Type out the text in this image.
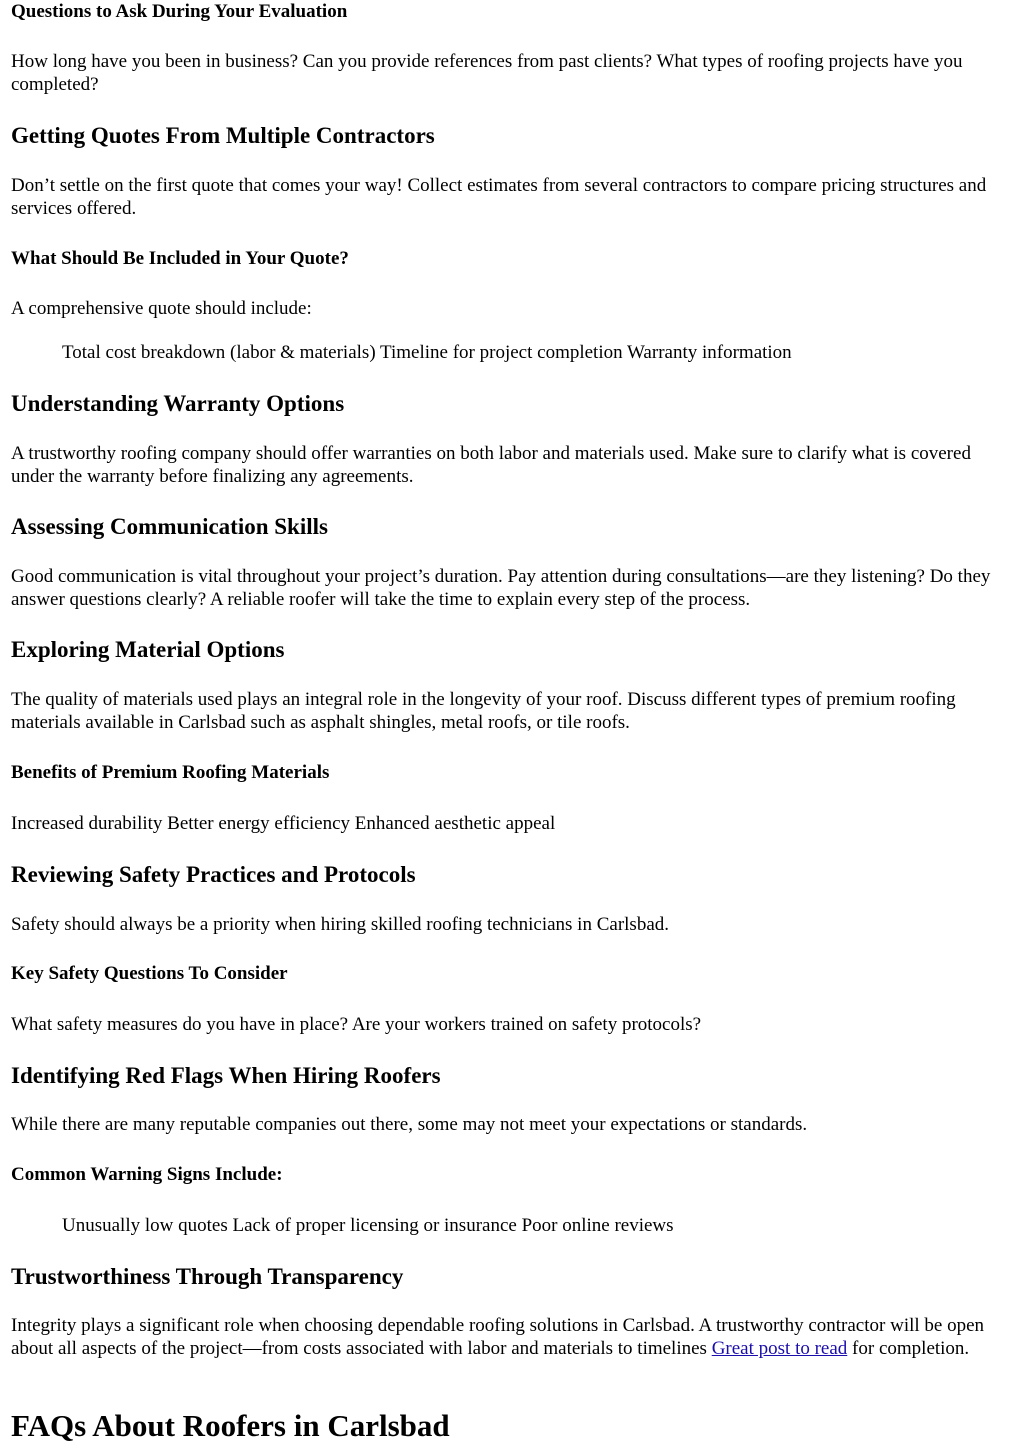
Questions to Ask During Your Evaluation

How long have you been in business? Can you provide references from past clients? What types of roofing projects have you completed?

Getting Quotes From Multiple Contractors

Don’t settle on the first quote that comes your way! Collect estimates from several contractors to compare pricing structures and services offered.

What Should Be Included in Your Quote?

A comprehensive quote should include:

Total cost breakdown (labor & materials) Timeline for project completion Warranty information
Understanding Warranty Options

A trustworthy roofing company should offer warranties on both labor and materials used. Make sure to clarify what is covered under the warranty before finalizing any agreements.

Assessing Communication Skills

Good communication is vital throughout your project’s duration. Pay attention during consultations—are they listening? Do they answer questions clearly? A reliable roofer will take the time to explain every step of the process.

Exploring Material Options

The quality of materials used plays an integral role in the longevity of your roof. Discuss different types of premium roofing materials available in Carlsbad such as asphalt shingles, metal roofs, or tile roofs.

Benefits of Premium Roofing Materials

Increased durability Better energy efficiency Enhanced aesthetic appeal

Reviewing Safety Practices and Protocols

Safety should always be a priority when hiring skilled roofing technicians in Carlsbad.

Key Safety Questions To Consider

What safety measures do you have in place? Are your workers trained on safety protocols?

Identifying Red Flags When Hiring Roofers

While there are many reputable companies out there, some may not meet your expectations or standards.

Common Warning Signs Include:
Unusually low quotes Lack of proper licensing or insurance Poor online reviews
Trustworthiness Through Transparency

Integrity plays a significant role when choosing dependable roofing solutions in Carlsbad. A trustworthy contractor will be open about all aspects of the project—from costs associated with labor and materials to timelines Great post to read for completion.

FAQs About Roofers in Carlsbad
